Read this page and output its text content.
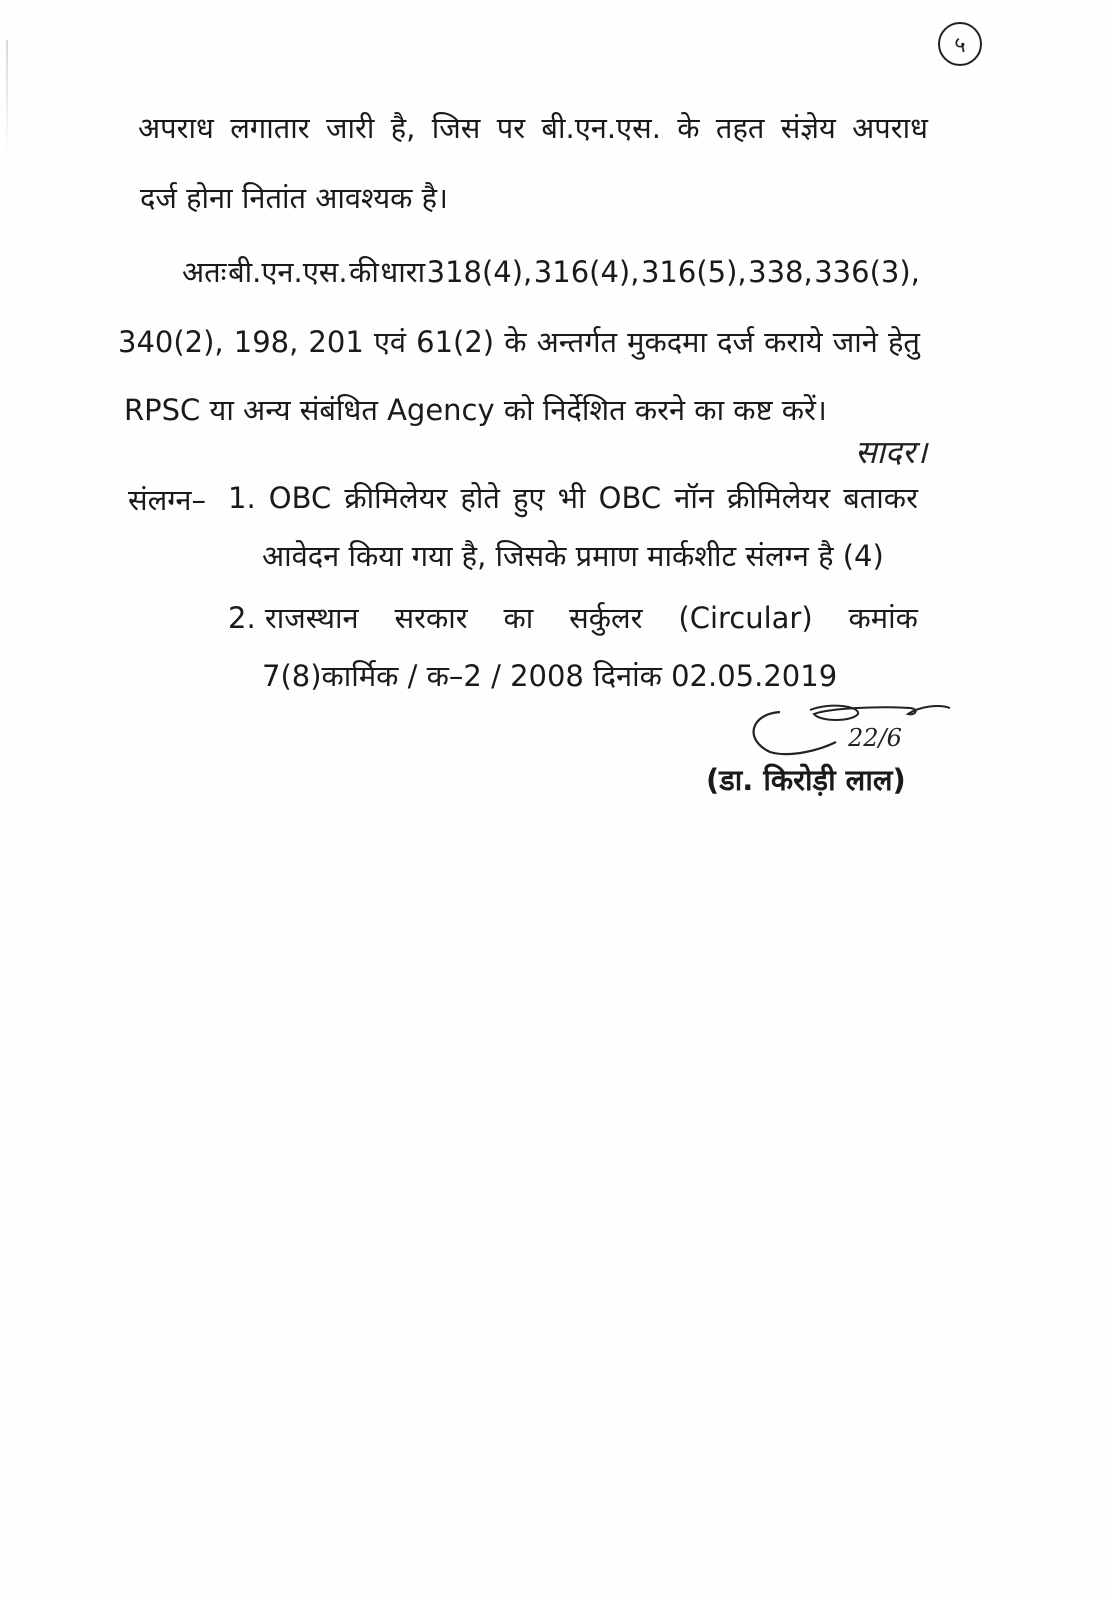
५
अपराध लगातार जारी है, जिस पर बी.एन.एस. के तहत संज्ञेय अपराध
दर्ज होना नितांत आवश्यक है।
अतः बी.एन.एस. की धारा 318(4), 316(4), 316(5), 338, 336(3),
340(2), 198, 201 एवं 61(2) के अन्तर्गत मुकदमा दर्ज कराये जाने हेतु
RPSC या अन्य संबंधित Agency को निर्देशित करने का कष्ट करें।
सादर।
संलग्न– 1. OBC क्रीमिलेयर होते हुए भी OBC नॉन क्रीमिलेयर बताकर
आवेदन किया गया है, जिसके प्रमाण मार्कशीट संलग्न है (4)
2. राजस्थान सरकार का सर्कुलर (Circular) कमांक
7(8)कार्मिक / क–2 / 2008 दिनांक 02.05.2019
22/6
(डा. किरोड़ी लाल)
